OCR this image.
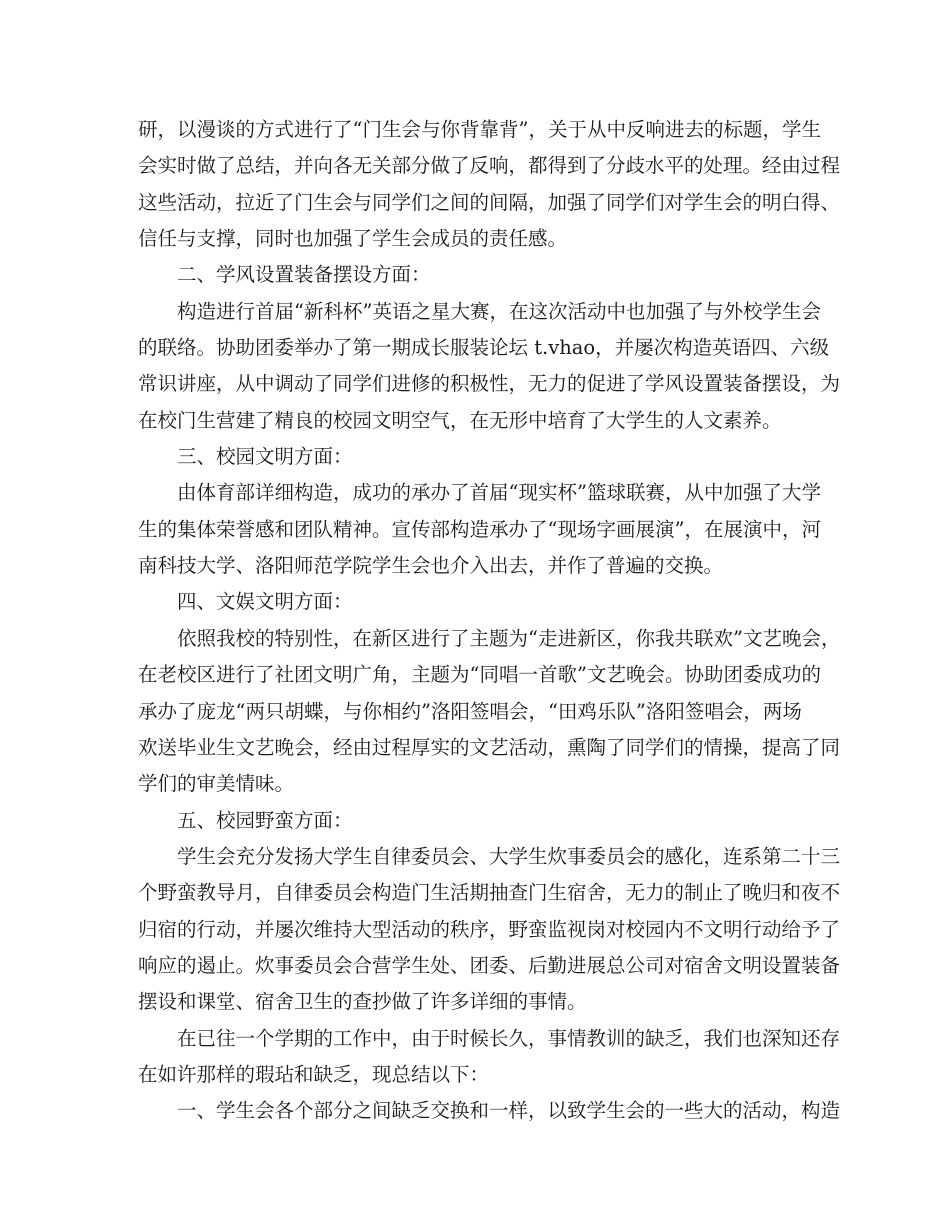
研，以漫谈的方式进行了“门生会与你背靠背”，关于从中反响进去的标题，学生
会实时做了总结，并向各无关部分做了反响，都得到了分歧水平的处理。经由过程
这些活动，拉近了门生会与同学们之间的间隔，加强了同学们对学生会的明白得、
信任与支撑，同时也加强了学生会成员的责任感。
二、学风设置装备摆设方面：
构造进行首届“新科杯”英语之星大赛，在这次活动中也加强了与外校学生会
的联络。协助团委举办了第一期成长服装论坛 t.vhao，并屡次构造英语四、六级
常识讲座，从中调动了同学们进修的积极性，无力的促进了学风设置装备摆设，为
在校门生营建了精良的校园文明空气，在无形中培育了大学生的人文素养。
三、校园文明方面：
由体育部详细构造，成功的承办了首届“现实杯”篮球联赛，从中加强了大学
生的集体荣誉感和团队精神。宣传部构造承办了“现场字画展演”，在展演中，河
南科技大学、洛阳师范学院学生会也介入出去，并作了普遍的交换。
四、文娱文明方面：
依照我校的特别性，在新区进行了主题为“走进新区，你我共联欢”文艺晚会，
在老校区进行了社团文明广角，主题为“同唱一首歌”文艺晚会。协助团委成功的
承办了庞龙“两只胡蝶，与你相约”洛阳签唱会，“田鸡乐队”洛阳签唱会，两场
欢送毕业生文艺晚会，经由过程厚实的文艺活动，熏陶了同学们的情操，提高了同
学们的审美情味。
五、校园野蛮方面：
学生会充分发扬大学生自律委员会、大学生炊事委员会的感化，连系第二十三
个野蛮教导月，自律委员会构造门生活期抽查门生宿舍，无力的制止了晚归和夜不
归宿的行动，并屡次维持大型活动的秩序，野蛮监视岗对校园内不文明行动给予了
响应的遏止。炊事委员会合营学生处、团委、后勤进展总公司对宿舍文明设置装备
摆设和课堂、宿舍卫生的查抄做了许多详细的事情。
在已往一个学期的工作中，由于时候长久，事情教训的缺乏，我们也深知还存
在如许那样的瑕玷和缺乏，现总结以下：
一、学生会各个部分之间缺乏交换和一样，以致学生会的一些大的活动，构造
